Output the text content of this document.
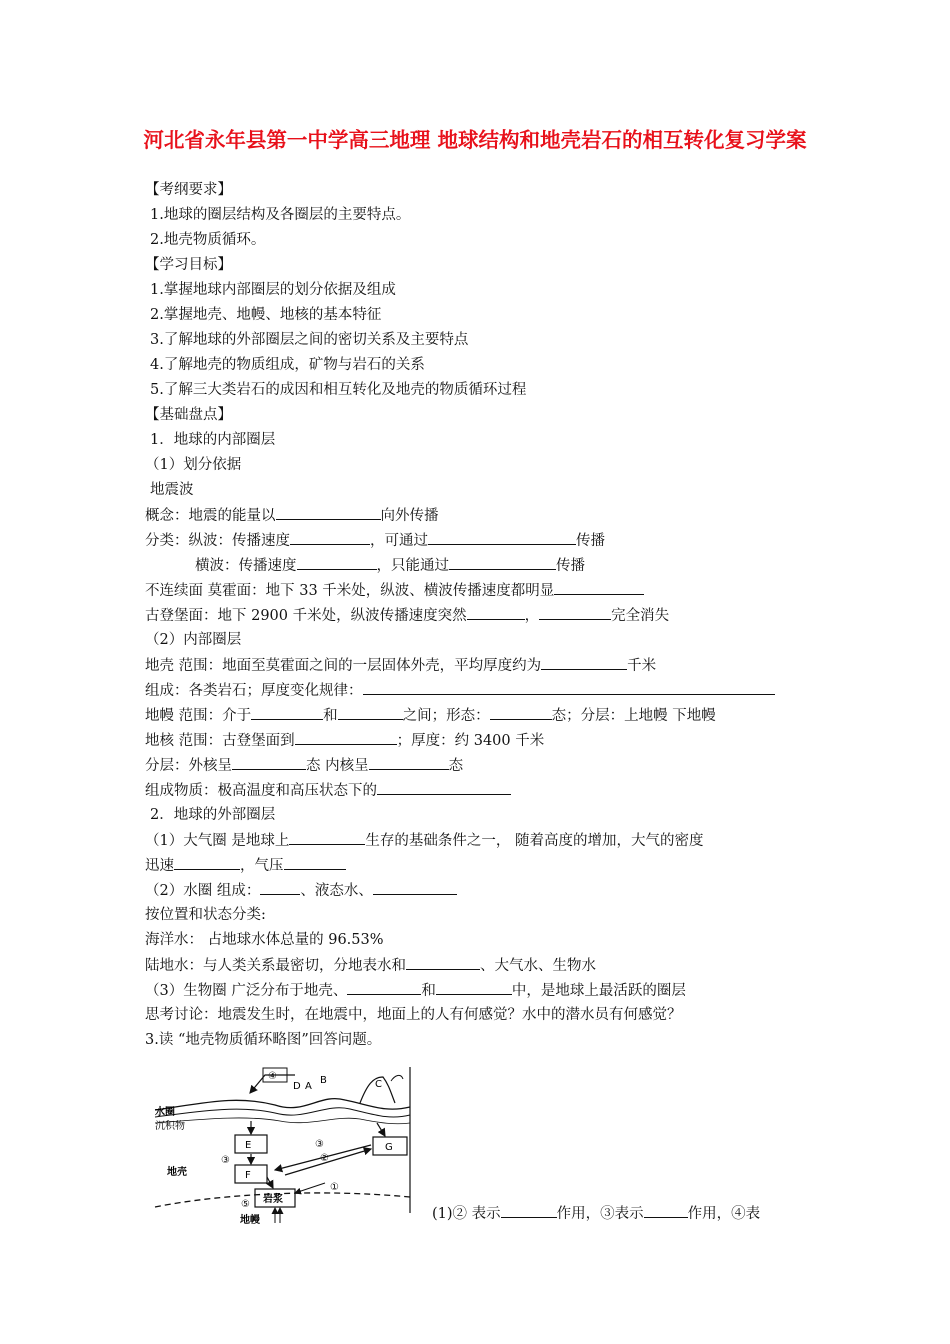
河北省永年县第一中学高三地理 地球结构和地壳岩石的相互转化复习学案
【考纲要求】
1.地球的圈层结构及各圈层的主要特点。
2.地壳物质循环。
【学习目标】
1.掌握地球内部圈层的划分依据及组成
2.掌握地壳、地幔、地核的基本特征
3.了解地球的外部圈层之间的密切关系及主要特点
4.了解地壳的物质组成，矿物与岩石的关系
5.了解三大类岩石的成因和相互转化及地壳的物质循环过程
【基础盘点】
1．地球的内部圈层
（1）划分依据
地震波
概念：地震的能量以	向外传播
分类：纵波：传播速度	，可通过	传播
横波：传播速度	，只能通过	传播
不连续面 莫霍面：地下 33 千米处，纵波、横波传播速度都明显
古登堡面：地下 2900 千米处，纵波传播速度突然	，	完全消失
（2）内部圈层
地壳 范围：地面至莫霍面之间的一层固体外壳，平均厚度约为	千米
组成：各类岩石；厚度变化规律：
地幔 范围：介于	和	之间；形态：	态；分层：上地幔 下地幔
地核 范围：古登堡面到	；厚度：约 3400 千米
分层：外核呈	态 内核呈	态
组成物质：极高温度和高压状态下的
2．地球的外部圈层
（1）大气圈 是地球上	生存的基础条件之一， 随着高度的增加，大气的密度
迅速	，气压
（2）水圈 组成：	、液态水、
按位置和状态分类:
海洋水： 占地球水体总量的 96.53%
陆地水：与人类关系最密切，分地表水和	、大气水、生物水
（3）生物圈 广泛分布于地壳、	和	中，是地球上最活跃的圈层
思考讨论：地震发生时，在地震中，地面上的人有何感觉？水中的潜水员有何感觉？
3.读 “地壳物质循环略图”回答问题。
水圈
沉积物
地壳
地幔
E
F
岩浆
G
D A
B	C
④
①
②
③
③
⑤
(1)② 表示	作用，③表示	作用，④表
